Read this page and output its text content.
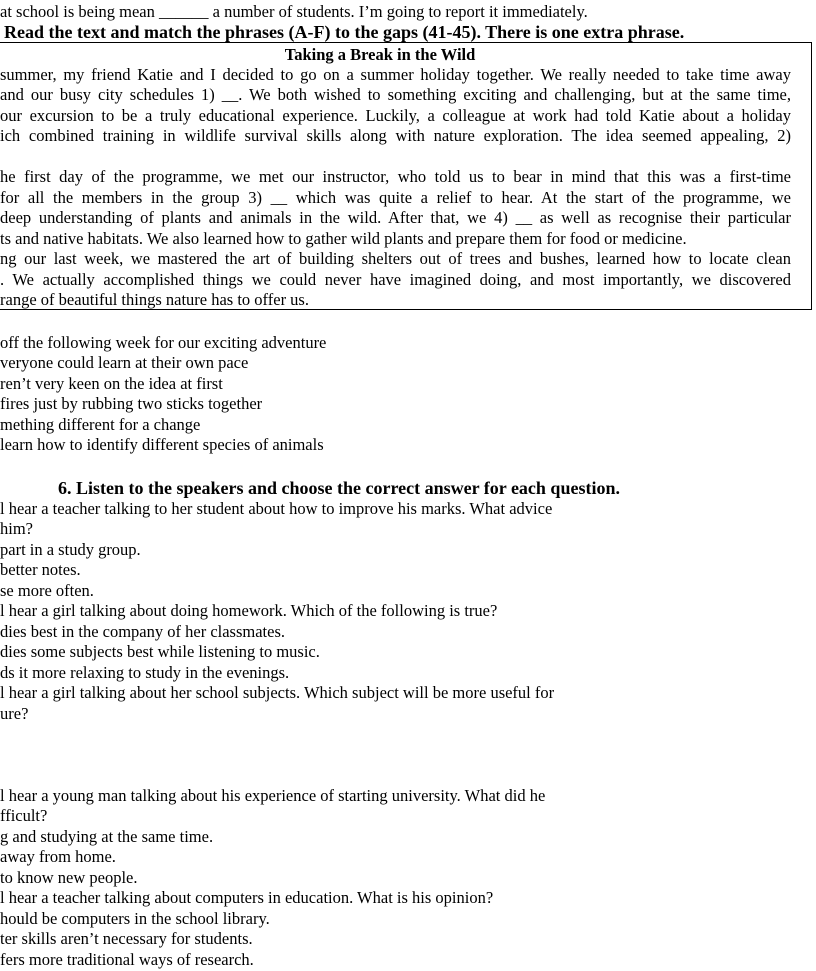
at school is being mean ______ a number of students. I’m going to report it immediately.
Read the text and match the phrases (A-F) to the gaps (41-45). There is one extra phrase.
Taking a Break in the Wild
summer, my friend Katie and I decided to go on a summer holiday together. We really needed to take time away
and our busy city schedules 1) __. We both wished to something exciting and challenging, but at the same time,
our excursion to be a truly educational experience. Luckily, a colleague at work had told Katie about a holiday
ich combined training in wildlife survival skills along with nature exploration. The idea seemed appealing, 2)
he first day of the programme, we met our instructor, who told us to bear in mind that this was a first-time
for all the members in the group 3) __ which was quite a relief to hear. At the start of the programme, we
deep understanding of plants and animals in the wild. After that, we 4) __ as well as recognise their particular
ts and native habitats. We also learned how to gather wild plants and prepare them for food or medicine.
ng our last week, we mastered the art of building shelters out of trees and bushes, learned how to locate clean
. We actually accomplished things we could never have imagined doing, and most importantly, we discovered
range of beautiful things nature has to offer us.
off the following week for our exciting adventure
veryone could learn at their own pace
ren’t very keen on the idea at first
fires just by rubbing two sticks together
mething different for a change
learn how to identify different species of animals
6. Listen to the speakers and choose the correct answer for each question.
l hear a teacher talking to her student about how to improve his marks. What advice
him?
part in a study group.
better notes.
se more often.
l hear a girl talking about doing homework. Which of the following is true?
dies best in the company of her classmates.
dies some subjects best while listening to music.
ds it more relaxing to study in the evenings.
l hear a girl talking about her school subjects. Which subject will be more useful for
ure?
l hear a young man talking about his experience of starting university. What did he
fficult?
g and studying at the same time.
away from home.
to know new people.
l hear a teacher talking about computers in education. What is his opinion?
hould be computers in the school library.
ter skills aren’t necessary for students.
fers more traditional ways of research.
